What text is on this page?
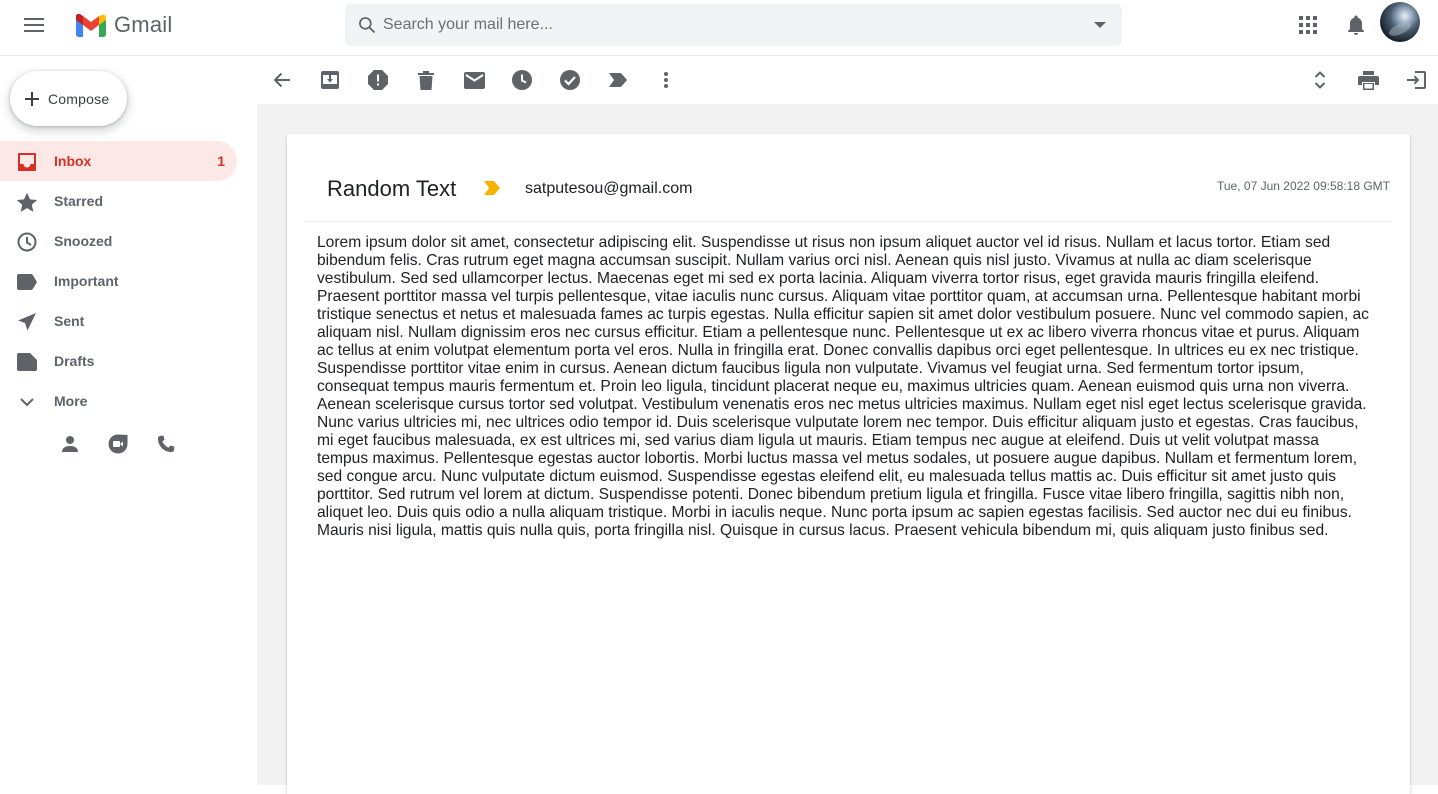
Gmail
Search your mail here...
Compose
Inbox	1
Starred
Snoozed
Important
Sent
Drafts
More
Random Text	satputesou@gmail.com	Tue, 07 Jun 2022 09:58:18 GMT
Lorem ipsum dolor sit amet, consectetur adipiscing elit. Suspendisse ut risus non ipsum aliquet auctor vel id risus. Nullam et lacus tortor. Etiam sed bibendum felis. Cras rutrum eget magna accumsan suscipit. Nullam varius orci nisl. Aenean quis nisl justo. Vivamus at nulla ac diam scelerisque vestibulum. Sed sed ullamcorper lectus. Maecenas eget mi sed ex porta lacinia. Aliquam viverra tortor risus, eget gravida mauris fringilla eleifend. Praesent porttitor massa vel turpis pellentesque, vitae iaculis nunc cursus. Aliquam vitae porttitor quam, at accumsan urna. Pellentesque habitant morbi tristique senectus et netus et malesuada fames ac turpis egestas. Nulla efficitur sapien sit amet dolor vestibulum posuere. Nunc vel commodo sapien, ac aliquam nisl. Nullam dignissim eros nec cursus efficitur. Etiam a pellentesque nunc. Pellentesque ut ex ac libero viverra rhoncus vitae et purus. Aliquam ac tellus at enim volutpat elementum porta vel eros. Nulla in fringilla erat. Donec convallis dapibus orci eget pellentesque. In ultrices eu ex nec tristique. Suspendisse porttitor vitae enim in cursus. Aenean dictum faucibus ligula non vulputate. Vivamus vel feugiat urna. Sed fermentum tortor ipsum, consequat tempus mauris fermentum et. Proin leo ligula, tincidunt placerat neque eu, maximus ultricies quam. Aenean euismod quis urna non viverra. Aenean scelerisque cursus tortor sed volutpat. Vestibulum venenatis eros nec metus ultricies maximus. Nullam eget nisl eget lectus scelerisque gravida. Nunc varius ultricies mi, nec ultrices odio tempor id. Duis scelerisque vulputate lorem nec tempor. Duis efficitur aliquam justo et egestas. Cras faucibus, mi eget faucibus malesuada, ex est ultrices mi, sed varius diam ligula ut mauris. Etiam tempus nec augue at eleifend. Duis ut velit volutpat massa tempus maximus. Pellentesque egestas auctor lobortis. Morbi luctus massa vel metus sodales, ut posuere augue dapibus. Nullam et fermentum lorem, sed congue arcu. Nunc vulputate dictum euismod. Suspendisse egestas eleifend elit, eu malesuada tellus mattis ac. Duis efficitur sit amet justo quis porttitor. Sed rutrum vel lorem at dictum. Suspendisse potenti. Donec bibendum pretium ligula et fringilla. Fusce vitae libero fringilla, sagittis nibh non, aliquet leo. Duis quis odio a nulla aliquam tristique. Morbi in iaculis neque. Nunc porta ipsum ac sapien egestas facilisis. Sed auctor nec dui eu finibus. Mauris nisi ligula, mattis quis nulla quis, porta fringilla nisl. Quisque in cursus lacus. Praesent vehicula bibendum mi, quis aliquam justo finibus sed.
